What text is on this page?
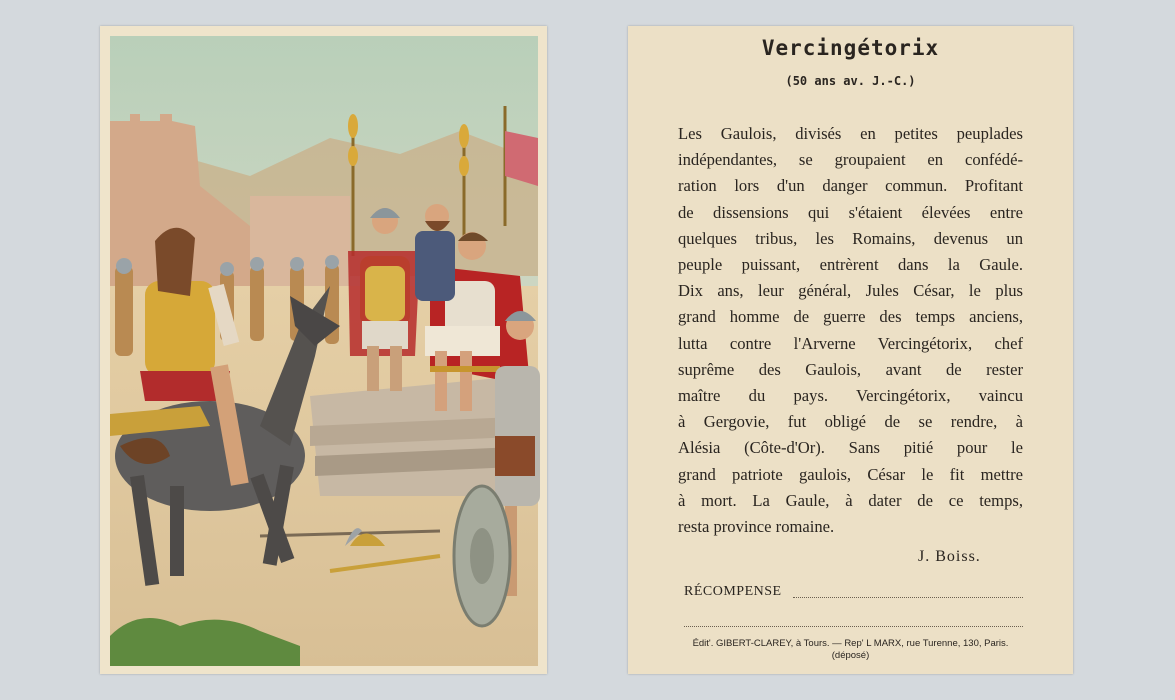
Vercingétorix
(50 ans av. J.-C.)
Les Gaulois, divisés en petites peuplades
indépendantes, se groupaient en confédé-
ration lors d'un danger commun. Profitant
de dissensions qui s'étaient élevées entre
quelques tribus, les Romains, devenus un
peuple puissant, entrèrent dans la Gaule.
Dix ans, leur général, Jules César, le plus
grand homme de guerre des temps anciens,
lutta contre l'Arverne Vercingétorix, chef
suprême des Gaulois, avant de rester
maître du pays. Vercingétorix, vaincu
à Gergovie, fut obligé de se rendre, à
Alésia (Côte-d'Or). Sans pitié pour le
grand patriote gaulois, César le fit mettre
à mort. La Gaule, à dater de ce temps,
resta province romaine.
J. Boiss.
RÉCOMPENSE
Édit'. GIBERT-CLAREY, à Tours. — Rep' L MARX, rue Turenne, 130, Paris.
(déposé)
